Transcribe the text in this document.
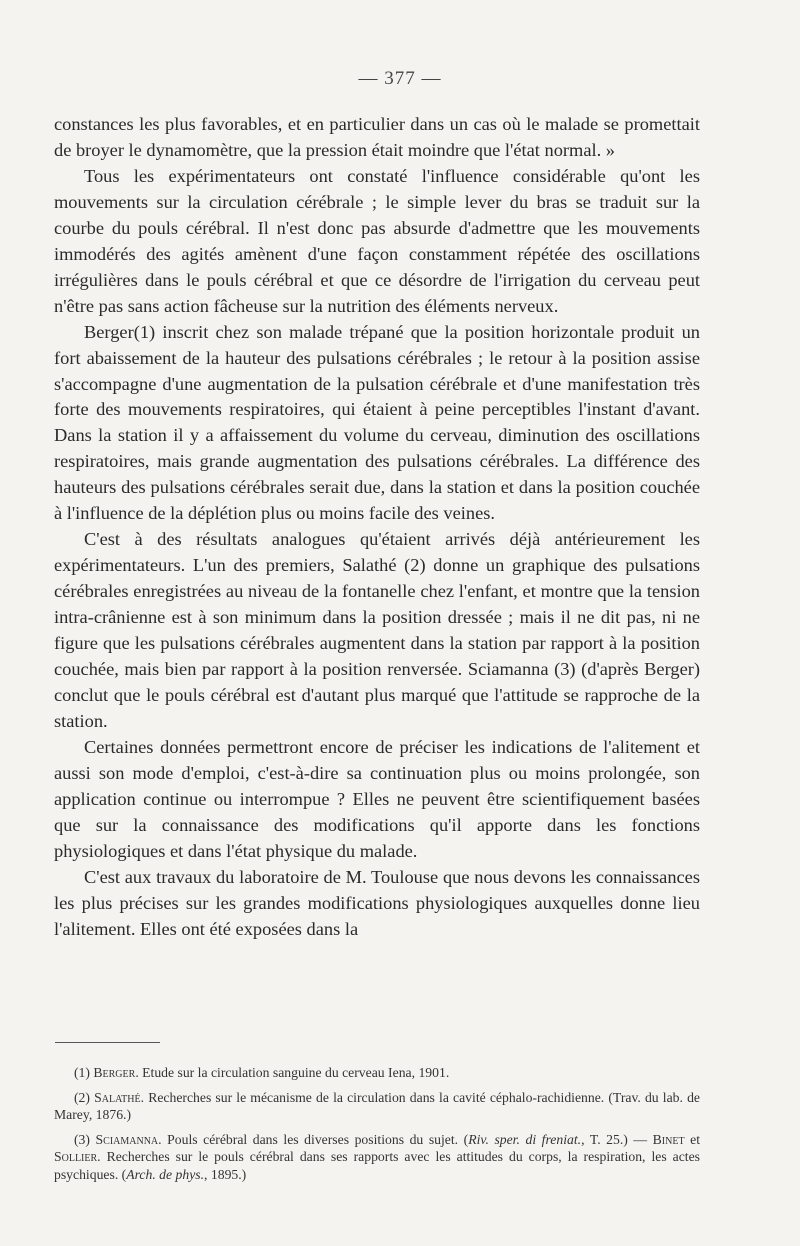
— 377 —

constances les plus favorables, et en particulier dans un cas où le malade se promettait de broyer le dynamomètre, que la pression était moindre que l'état normal. »

Tous les expérimentateurs ont constaté l'influence considérable qu'ont les mouvements sur la circulation cérébrale ; le simple lever du bras se traduit sur la courbe du pouls cérébral. Il n'est donc pas absurde d'admettre que les mouvements immodérés des agités amènent d'une façon constamment répétée des oscillations irrégulières dans le pouls cérébral et que ce désordre de l'irrigation du cerveau peut n'être pas sans action fâcheuse sur la nutrition des éléments nerveux.

Berger(1) inscrit chez son malade trépané que la position horizontale produit un fort abaissement de la hauteur des pulsations cérébrales ; le retour à la position assise s'accompagne d'une augmentation de la pulsation cérébrale et d'une manifestation très forte des mouvements respiratoires, qui étaient à peine perceptibles l'instant d'avant. Dans la station il y a affaissement du volume du cerveau, diminution des oscillations respiratoires, mais grande augmentation des pulsations cérébrales. La différence des hauteurs des pulsations cérébrales serait due, dans la station et dans la position couchée à l'influence de la déplétion plus ou moins facile des veines.

C'est à des résultats analogues qu'étaient arrivés déjà antérieurement les expérimentateurs. L'un des premiers, Salathé (2) donne un graphique des pulsations cérébrales enregistrées au niveau de la fontanelle chez l'enfant, et montre que la tension intra-crânienne est à son minimum dans la position dressée ; mais il ne dit pas, ni ne figure que les pulsations cérébrales augmentent dans la station par rapport à la position couchée, mais bien par rapport à la position renversée. Sciamanna (3) (d'après Berger) conclut que le pouls cérébral est d'autant plus marqué que l'attitude se rapproche de la station.

Certaines données permettront encore de préciser les indications de l'alitement et aussi son mode d'emploi, c'est-à-dire sa continuation plus ou moins prolongée, son application continue ou interrompue ? Elles ne peuvent être scientifiquement basées que sur la connaissance des modifications qu'il apporte dans les fonctions physiologiques et dans l'état physique du malade.

C'est aux travaux du laboratoire de M. Toulouse que nous devons les connaissances les plus précises sur les grandes modifications physiologiques auxquelles donne lieu l'alitement. Elles ont été exposées dans la

(1) Berger. Etude sur la circulation sanguine du cerveau Iena, 1901.

(2) Salathé. Recherches sur le mécanisme de la circulation dans la cavité céphalo-rachidienne. (Trav. du lab. de Marey, 1876.)

(3) Sciamanna. Pouls cérébral dans les diverses positions du sujet. (Riv. sper. di freniat., T. 25.) — Binet et Sollier. Recherches sur le pouls cérébral dans ses rapports avec les attitudes du corps, la respiration, les actes psychiques. (Arch. de phys., 1895.)
